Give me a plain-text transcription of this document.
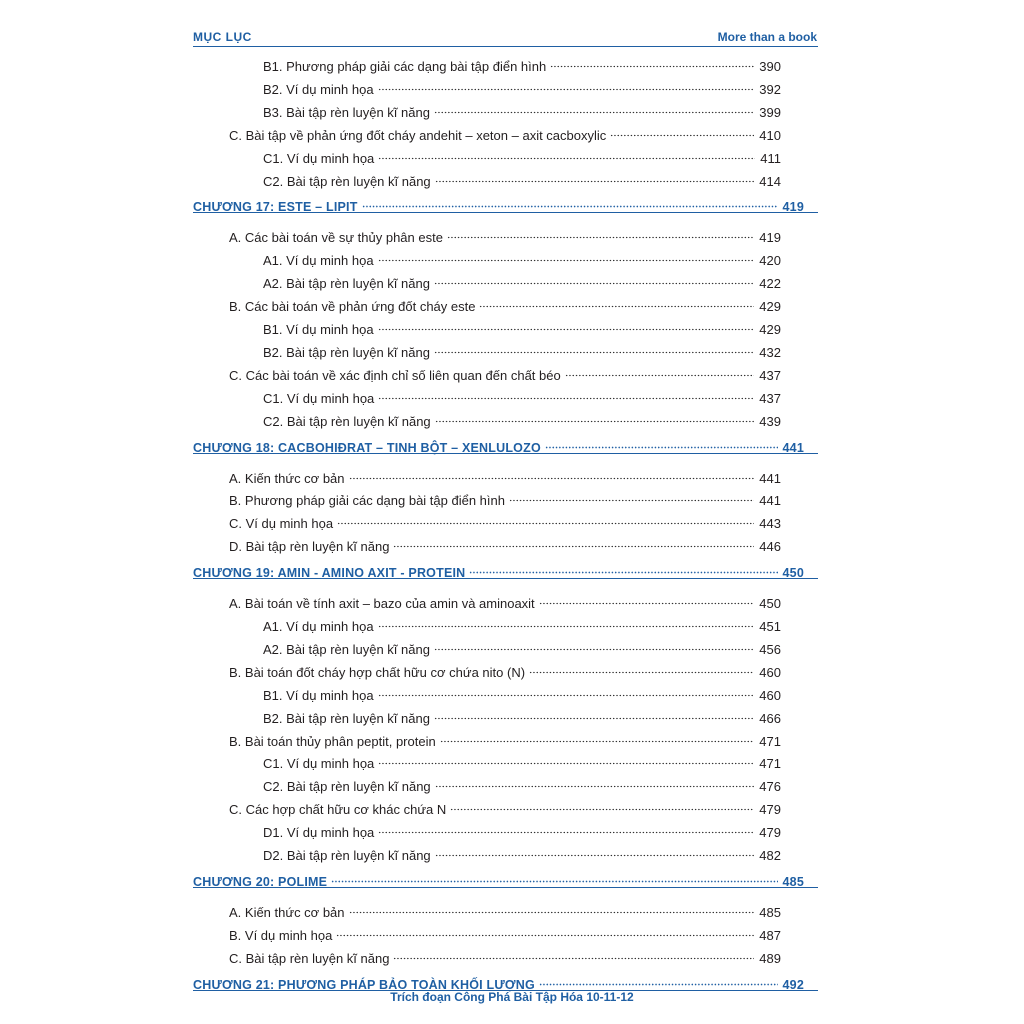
MỤC LỤC	More than a book
B1. Phương pháp giải các dạng bài tập điển hình	390
B2. Ví dụ minh họa	392
B3. Bài tập rèn luyện kĩ năng	399
C. Bài tập về phản ứng đốt cháy andehit – xeton – axit cacboxylic	410
C1. Ví dụ minh họa	411
C2. Bài tập rèn luyện kĩ năng	414
CHƯƠNG 17: ESTE – LIPIT	419
A. Các bài toán về sự thủy phân este	419
A1. Ví dụ minh họa	420
A2. Bài tập rèn luyện kĩ năng	422
B. Các bài toán về phản ứng đốt cháy este	429
B1. Ví dụ minh họa	429
B2. Bài tập rèn luyện kĩ năng	432
C. Các bài toán về xác định chỉ số liên quan đến chất béo	437
C1. Ví dụ minh họa	437
C2. Bài tập rèn luyện kĩ năng	439
CHƯƠNG 18: CACBOHIĐRAT – TINH BỘT – XENLULOZO	441
A. Kiến thức cơ bản	441
B. Phương pháp giải các dạng bài tập điển hình	441
C. Ví dụ minh họa	443
D. Bài tập rèn luyện kĩ năng	446
CHƯƠNG 19: AMIN - AMINO AXIT - PROTEIN	450
A. Bài toán về tính axit – bazo của amin và aminoaxit	450
A1. Ví dụ minh họa	451
A2. Bài tập rèn luyện kĩ năng	456
B. Bài toán đốt cháy hợp chất hữu cơ chứa nito (N)	460
B1. Ví dụ minh họa	460
B2. Bài tập rèn luyện kĩ năng	466
B. Bài toán thủy phân peptit, protein	471
C1. Ví dụ minh họa	471
C2. Bài tập rèn luyện kĩ năng	476
C. Các hợp chất hữu cơ khác chứa N	479
D1. Ví dụ minh họa	479
D2. Bài tập rèn luyện kĩ năng	482
CHƯƠNG 20: POLIME	485
A. Kiến thức cơ bản	485
B. Ví dụ minh họa	487
C. Bài tập rèn luyện kĩ năng	489
CHƯƠNG 21: PHƯƠNG PHÁP BẢO TOÀN KHỐI LƯỢNG	492
Trích đoạn Công Phá Bài Tập Hóa 10-11-12
